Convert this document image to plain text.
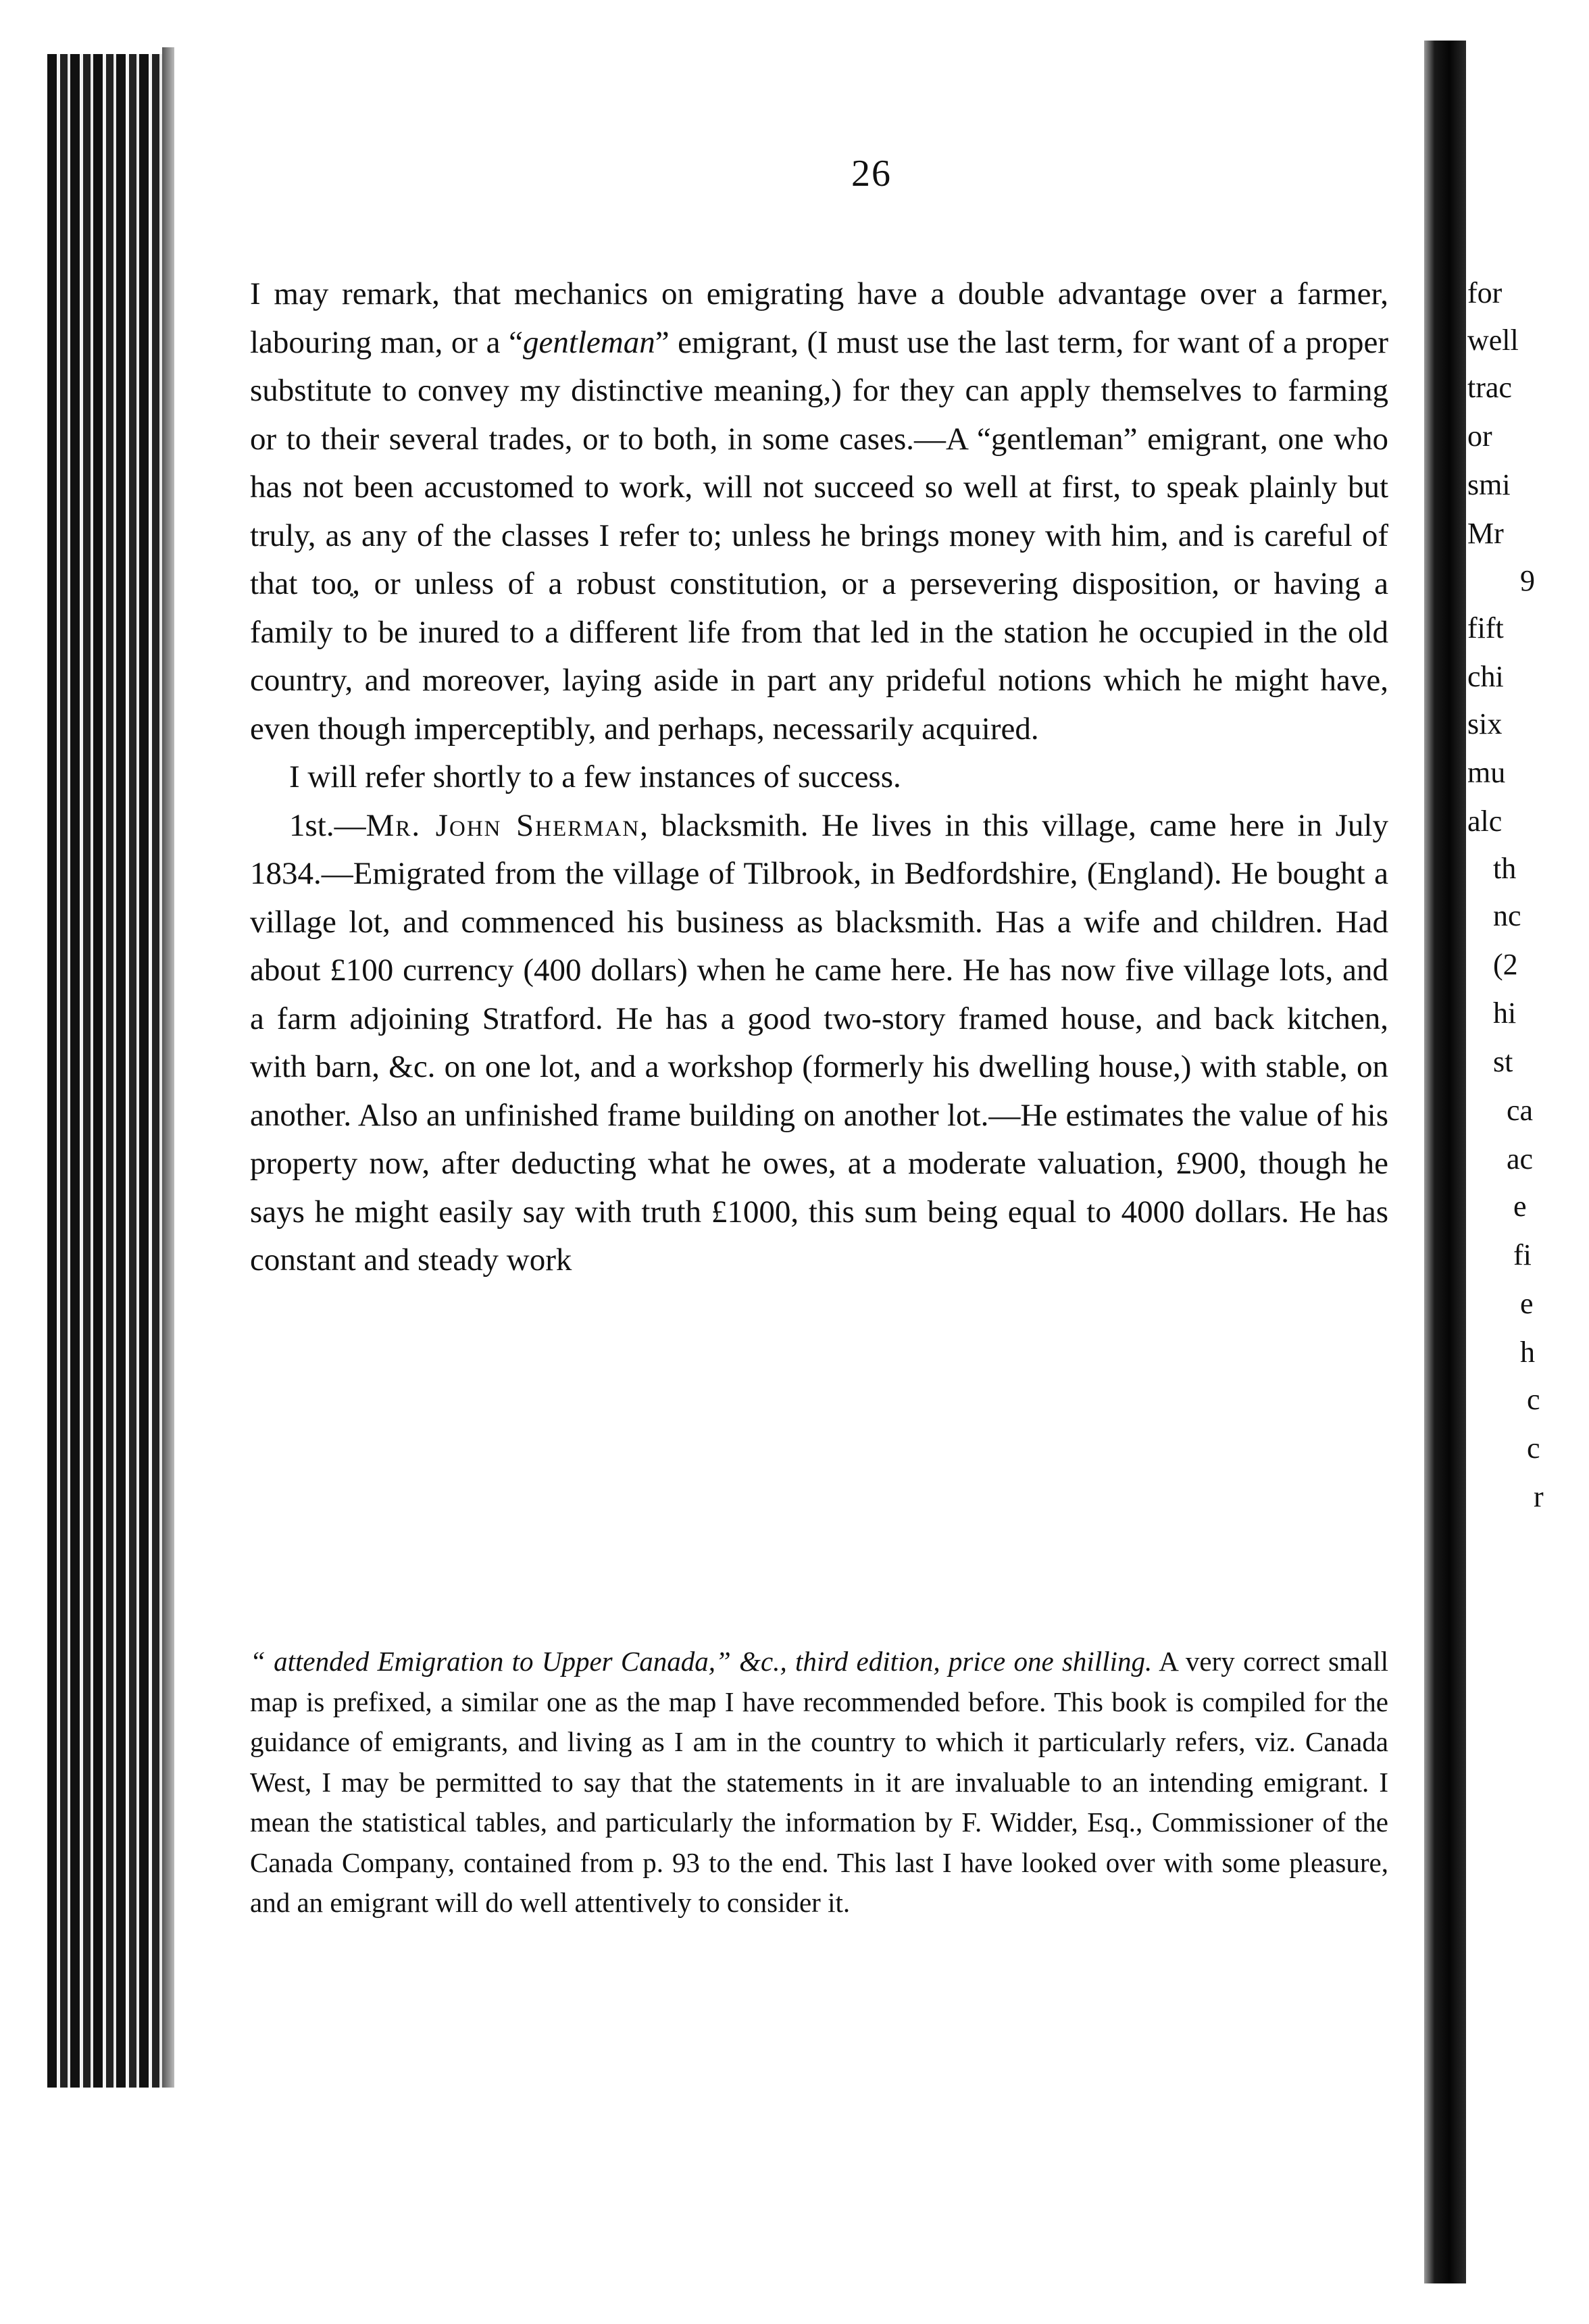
26

I may remark, that mechanics on emigrating have a double advantage over a farmer, labouring man, or a “gentleman” emigrant, (I must use the last term, for want of a proper substitute to convey my distinctive meaning,) for they can apply themselves to farming or to their several trades, or to both, in some cases.—A “gentleman” emigrant, one who has not been accustomed to work, will not succeed so well at first, to speak plainly but truly, as any of the classes I refer to; unless he brings money with him, and is careful of that too, or unless of a robust constitution, or a persevering disposition, or having a family to be inured to a different life from that led in the station he occupied in the old country, and moreover, laying aside in part any prideful notions which he might have, even though imperceptibly, and perhaps, necessarily acquired.

I will refer shortly to a few instances of success.

1st.—Mr. John Sherman, blacksmith. He lives in this village, came here in July 1834.—Emigrated from the village of Tilbrook, in Bedfordshire, (England). He bought a village lot, and commenced his business as blacksmith. Has a wife and children. Had about £100 currency (400 dollars) when he came here. He has now five village lots, and a farm adjoining Stratford. He has a good two-story framed house, and back kitchen, with barn, &c. on one lot, and a workshop (formerly his dwelling house,) with stable, on another. Also an unfinished frame building on another lot.—He estimates the value of his property now, after deducting what he owes, at a moderate valuation, £900, though he says he might easily say with truth £1000, this sum being equal to 4000 dollars. He has constant and steady work

“ attended Emigration to Upper Canada,” &c., third edition, price one shilling. A very correct small map is prefixed, a similar one as the map I have recommended before. This book is compiled for the guidance of emigrants, and living as I am in the country to which it particularly refers, viz. Canada West, I may be permitted to say that the statements in it are invaluable to an intending emigrant. I mean the statistical tables, and particularly the information by F. Widder, Esq., Commissioner of the Canada Company, contained from p. 93 to the end. This last I have looked over with some pleasure, and an emigrant will do well attentively to consider it.

for
well
trac
or
smi
Mr
9
fift
chi
six
mu
alc
th
nc
(2
hi
st
ca
ac
e
fi
e
h
c
c
r
